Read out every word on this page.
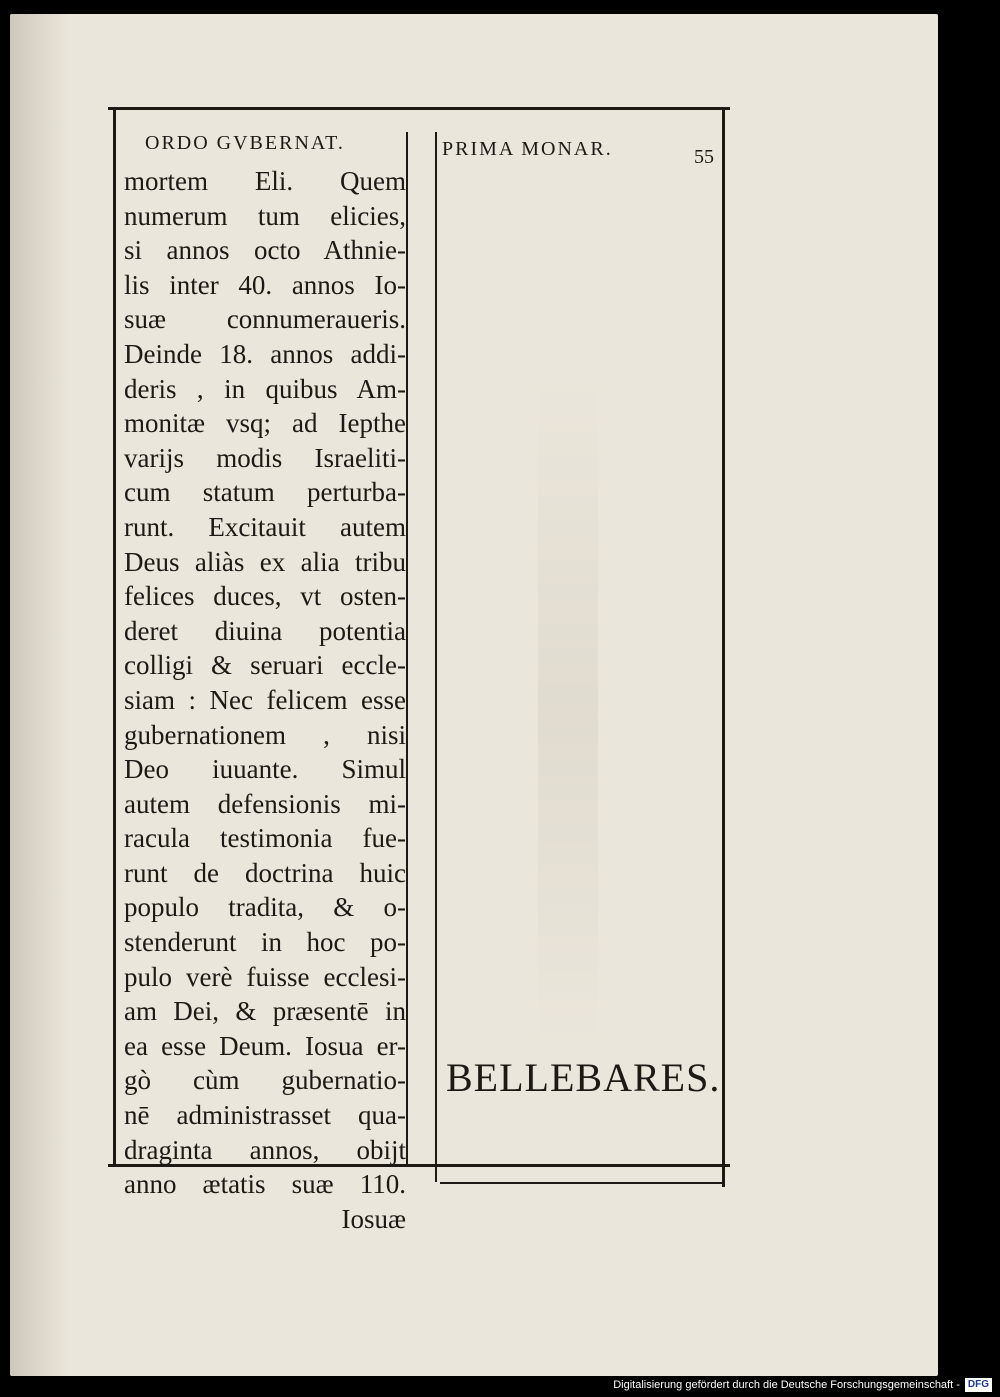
ORDO GVBERNAT.	PRIMA MONAR.	55
mortem Eli. Quem
numerum tum elicies,
si annos octo Athnie-
lis inter 40. annos Io-
suæ connumeraueris.
Deinde 18. annos addi-
deris , in quibus Am-
monitæ vsq; ad Iepthe
varijs modis Israeliti-
cum statum perturba-
runt. Excitauit autem
Deus aliàs ex alia tribu
felices duces, vt osten-
deret diuina potentia
colligi & seruari eccle-
siam : Nec felicem esse
gubernationem , nisi
Deo iuuante. Simul
autem defensionis mi-
racula testimonia fue-
runt de doctrina huic
populo tradita, & o-
stenderunt in hoc po-
pulo verè fuisse ecclesi-
am Dei, & præsentē in
ea esse Deum. Iosua er-
gò cùm gubernatio-
nē administrasset qua-
draginta annos, obijt
anno ætatis suæ 110.
Iosuæ
BELLEBARES.
Digitalisierung gefördert durch die Deutsche Forschungsgemeinschaft - DFG
